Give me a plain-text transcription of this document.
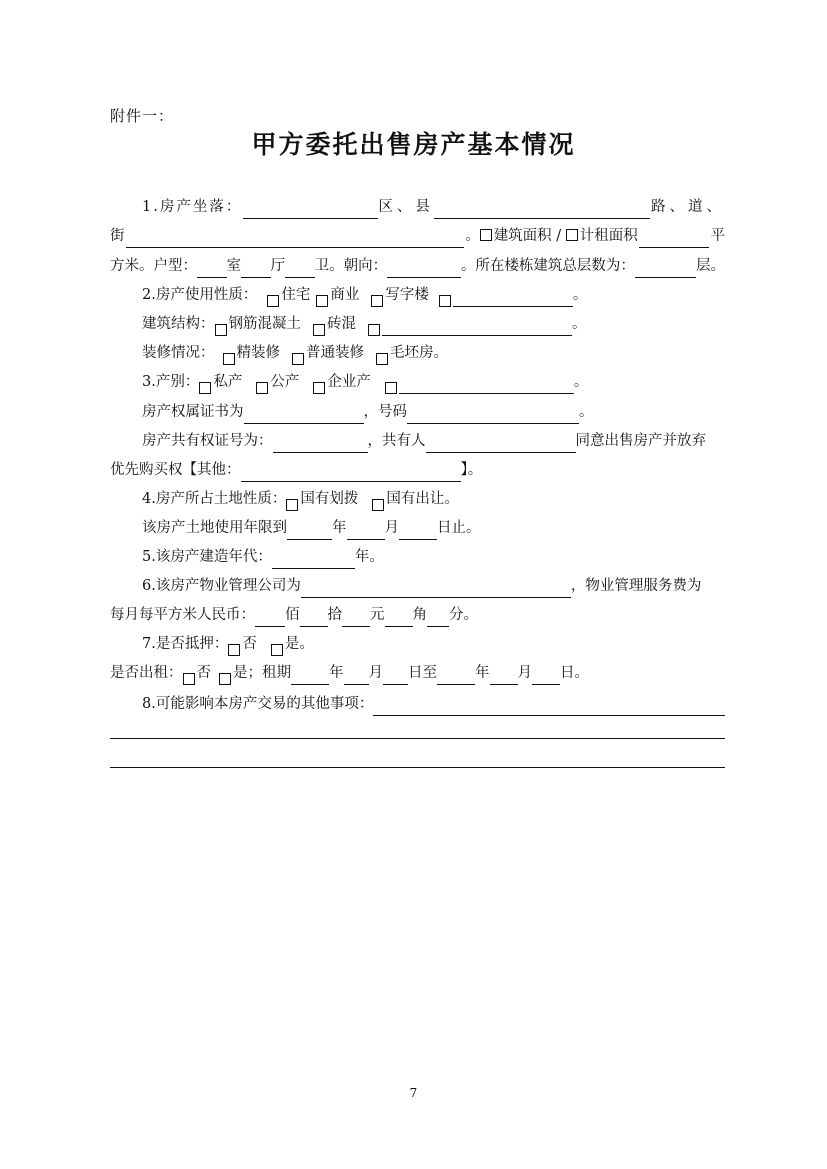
附件一：
甲方委托出售房产基本情况
1.房产坐落：	区、县	路、道、
街	。 建筑面积 / 计租面积	平
方米。户型： 室 厅 卫。朝向：	。所在楼栋建筑总层数为：	层。
2.房产使用性质： 住宅 商业 写字楼	。
建筑结构： 钢筋混凝土 砖混	。
装修情况： 精装修 普通装修 毛坯房。
3.产别： 私产 公产 企业产	。
房产权属证书为	，号码	。
房产共有权证号为：	，共有人	同意出售房产并放弃
优先购买权【其他：	】。
4.房产所占土地性质： 国有划拨 国有出让。
该房产土地使用年限到	年	月	日止。
5.该房产建造年代：	年。
6.该房产物业管理公司为	，物业管理服务费为
每月每平方米人民币： 佰 拾 元 角 分。
7.是否抵押： 否 是。
是否出租： 否 是；租期	年 月 日至	年 月 日。
8.可能影响本房产交易的其他事项：
7
